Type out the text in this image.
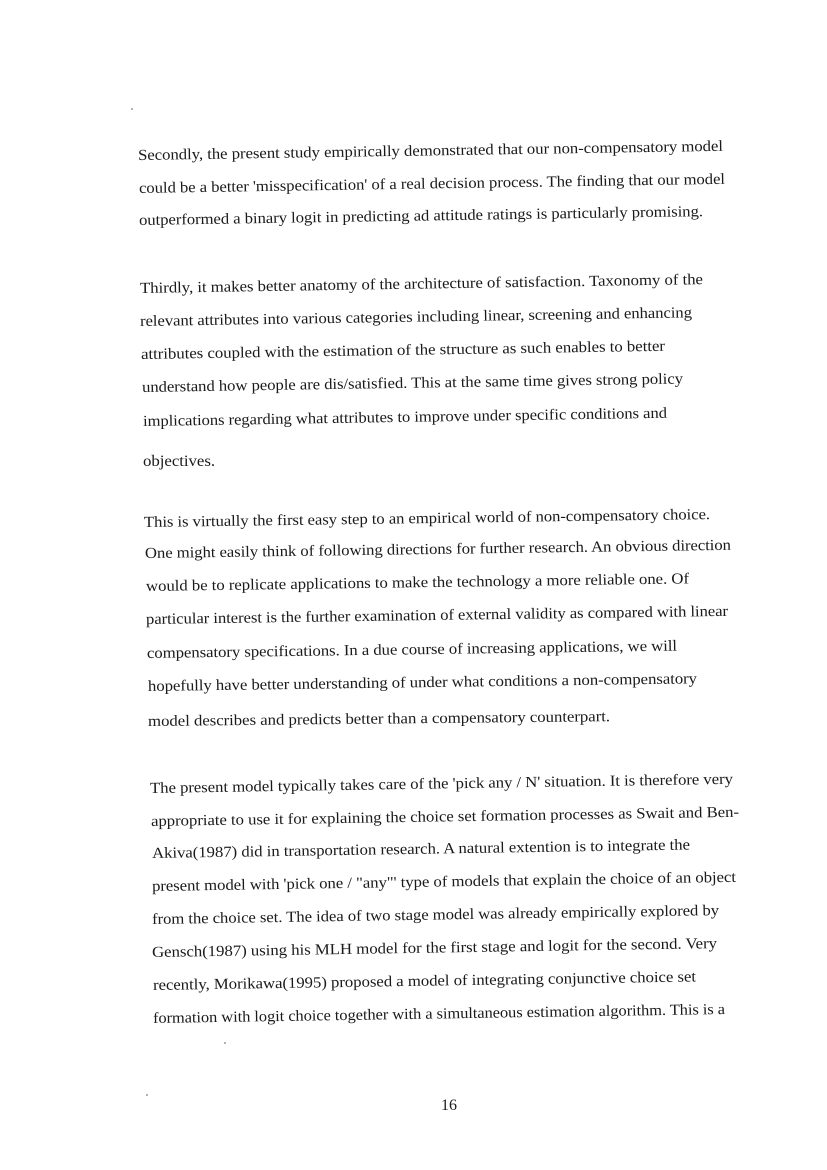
Secondly, the present study empirically demonstrated that our non-compensatory model
could be a better 'misspecification' of a real decision process. The finding that our model
outperformed a binary logit in predicting ad attitude ratings is particularly promising.
Thirdly, it makes better anatomy of the architecture of satisfaction. Taxonomy of the
relevant attributes into various categories including linear, screening and enhancing
attributes coupled with the estimation of the structure as such enables to better
understand how people are dis/satisfied. This at the same time gives strong policy
implications regarding what attributes to improve under specific conditions and
objectives.
This is virtually the first easy step to an empirical world of non-compensatory choice.
One might easily think of following directions for further research. An obvious direction
would be to replicate applications to make the technology a more reliable one. Of
particular interest is the further examination of external validity as compared with linear
compensatory specifications. In a due course of increasing applications, we will
hopefully have better understanding of under what conditions a non-compensatory
model describes and predicts better than a compensatory counterpart.
The present model typically takes care of the 'pick any / N' situation. It is therefore very
appropriate to use it for explaining the choice set formation processes as Swait and Ben-
Akiva(1987) did in transportation research. A natural extention is to integrate the
present model with 'pick one / "any"' type of models that explain the choice of an object
from the choice set. The idea of two stage model was already empirically explored by
Gensch(1987) using his MLH model for the first stage and logit for the second. Very
recently, Morikawa(1995) proposed a model of integrating conjunctive choice set
formation with logit choice together with a simultaneous estimation algorithm. This is a
16
